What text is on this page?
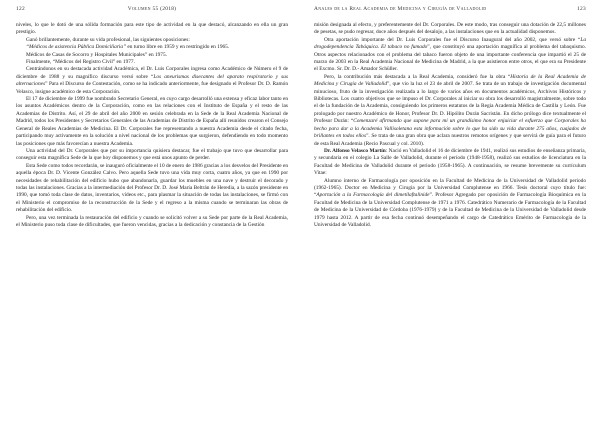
122	Volumen 55 (2018)

niveles, lo que le dotó de una sólida formación para este tipo de actividad en la que destacó, alcanzando en ella un gran prestigio.

Ganó brillantemente, durante su vida profesional, las siguientes oposiciones:

“Médicos de asistencia Pública Domiciliaria” en turno libre en 1959 y en restringido en 1965.

Médicos de Casas de Socorro y Hospitales Municipales” en 1975.

Finalmente, “Médicos del Registro Civil” en 1977.

Centrándonos en su destacada actividad Académica, el Dr. Luis Corporales ingresa como Académico de Número el 9 de diciembre de 1988 y su magnífico discurso versó sobre “Los aneurismas disecantes del aparato respiratorio y sus alternaciones” Para el Discurso de Contestación, como se ha indicado anteriormente, fue designado el Profesor Dr. D. Ramón Velasco, insigne académico de esta Corporación.

El 17 de diciembre de 1999 fue nombrado Secretario General, en cuyo cargo desarrolló una extensa y eficaz labor tanto en los asuntos Académicos dentro de la Corporación, como en las relaciones con el Instituto de España y el resto de las Academias de Distrito. Así, el 29 de abril del año 2000 en sesión celebrada en la Sede de la Real Academia Nacional de Madrid, todos los Presidentes y Secretarios Generales de las Academias de Distrito de España allí reunidos crearon el Consejo General de Reales Academias de Medicina. El Dr. Corporales fue representando a nuestra Academia desde el citado fecha, participando muy activamente en la solución a nivel nacional de los problemas que surgieron, defendiendo en todo momento las posiciones que más favorecían a nuestra Academia.

Una actividad del Dr. Corporales que por su importancia quisiera destacar, fue el trabajo que tuvo que desarrollar para conseguir esta magnífica Sede de la que hoy disponemos y que está unos apunto de perder.

Esta Sede como todos recordarán, se inauguró oficialmente el 10 de enero de 1986 gracias a los desvelos del Presidente en aquella época Dr. D. Vicente González Calvo. Pero aquella Sede tuvo una vida muy corta, cuatro años, ya que en 1990 por necesidades de rehabilitación del edificio hubo que abandonarla, guardar los muebles en una nave y destruir el decorado y todas las instalaciones. Gracias a la intermediación del Profesor Dr. D. José María Beltrán de Heredia, a la sazón presidente en 1990, que tomó toda clase de datos, inventarios, vídeos etc., para plasmar la situación de todas las instalaciones, se firmó con el Ministerio el compromiso de la reconstrucción de la Sede y el regreso a la misma cuando se terminaran las obras de rehabilitación del edificio.

Pero, una vez terminada la restauración del edificio y cuando se solicitó volver a su Sede por parte de la Real Academia, el Ministerio puso toda clase de dificultades, que fueron vencidas, gracias a la dedicación y constancia de la Gestión

Anales de la Real Academia de Medicina y Cirugía de Valladolid	123

misión designada al efecto, y preferentemente del Dr. Corporales. De este modo, tras conseguir una dotación de 22,5 millones de pesetas, se pudo regresar, doce años después del desalojo, a las instalaciones que en la actualidad disponemos.

Otra aportación importante del Dr. Luis Corporales fue el Discurso Inaugural del año 2002, que versó sobre “La drogodependencia Tabáquica. El tabaco no fumado”, que constituyó una aportación magnífica al problema del tabaquismo. Otros aspectos relacionados con el problema del tabaco fueron objeto de una importante conferencia que impartió el 25 de marzo de 2003 en la Real Academia Nacional de Medicina de Madrid, a la que asistieron entre otros, el que era su Presidente el Excmo. Sr. Dr. D.- Amador Schüller.

Pero, la contribución más destacada a la Real Academia, consideró fue la obra “Historia de la Real Academia de Medicina y Cirugía de Valladolid”, que vio la luz el 23 de abril de 2007. Se trata de un trabajo de investigación documental minucioso, fruto de la investigación realizada a lo largo de varios años en documentos académicos, Archivos Históricos y Bibliotecas. Los cuatro objetivos que se impuso el Dr. Corporales al iniciar su obra los desarrolló magistralmente, sobre todo el de la fundación de la Academia, consiguiendo los primeros estatutos de la Regia Academia Médica de Castilla y León. Fue prologado por nuestro Académico de Honor, Profesor Dr. D. Hipólito Durán Sacristán. En dicho prólogo dice textualmente el Profesor Durán: “Comenzaré afirmando que supone para mí un grandísimo honor enjuiciar el esfuerzo que Corporales ha hecho para dar a la Academia Vallisoletana esta información sobre lo que ha sido su vida durante 275 años, cuajados de brillantes en todos ellos”. Se trata de una gran obra que aclara nuestros remotos orígenes y que servirá de guía para el futuro de esta Real Academia (Recio Pascual y col. 2010).

Dr. Alfonso Velasco Martín: Nació en Valladolid el 16 de diciembre de 1941, realizó sus estudios de enseñanza primaria, y secundaria en el colegio La Salle de Valladolid, durante el período (1948-1958), realizó sus estudios de licenciatura en la Facultad de Medicina de Valladolid durante el periodo (1958-1965). A continuación, se resume brevemente su currículum Vitae:

Alumno interno de Farmacología por oposición en la Facultad de Medicina de la Universidad de Valladolid periodo (1962-1965). Doctor en Medicina y Cirugía por la Universidad Complutense en 1966. Tesis doctoral cuyo título fue: “Aportación a la Farmacología del dimetilaftalinide”. Profesor Agregado por oposición de Farmacología Bioquímica en la Facultad de Medicina de la Universidad Complutense de 1971 a 1976. Catedrático Numerario de Farmacología de la Facultad de Medicina de la Universidad de Córdoba (1976-1979) y de la Facultad de Medicina de la Universidad de Valladolid desde 1979 hasta 2012. A partir de esa fecha continuó desempeñando el cargo de Catedrático Emérito de Farmacología de la Universidad de Valladolid.
